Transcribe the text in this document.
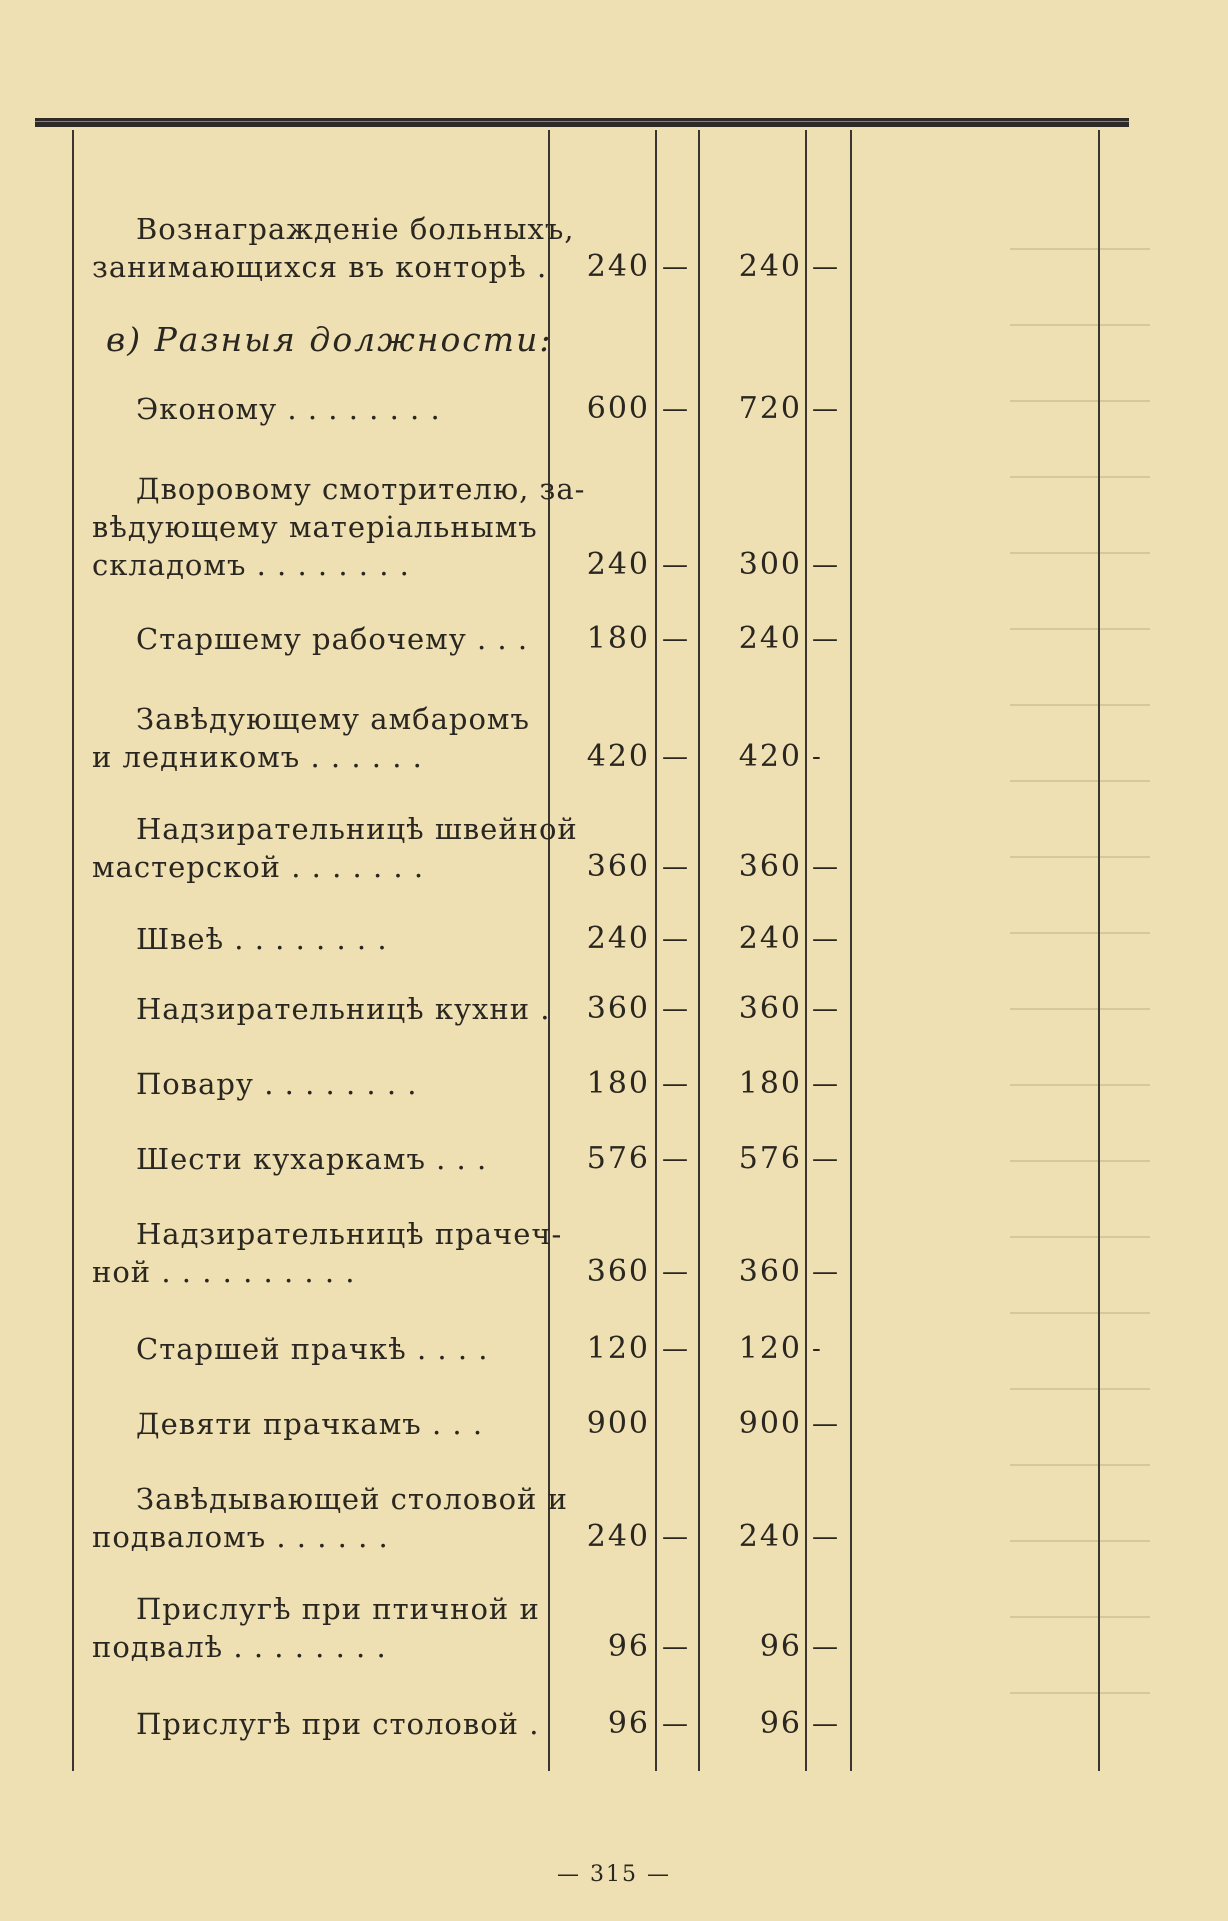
в) Разныя должности:
Вознагражденіе больныхъ,
занимающихся въ конторѣ .	240 —	240 —
Эконому . . . . . . . .	600 —	720 —
Дворовому смотрителю, за-
вѣдующему матеріальнымъ
складомъ . . . . . . . .	240 —	300 —
Старшему рабочему . . .	180 —	240 —
Завѣдующему амбаромъ
и ледникомъ . . . . . .	420 —	420 -
Надзирательницѣ швейной
мастерской . . . . . . .	360 —	360 —
Швеѣ . . . . . . . .	240 —	240 —
Надзирательницѣ кухни .	360 —	360 —
Повару . . . . . . . .	180 —	180 —
Шести кухаркамъ . . .	576 —	576 —
Надзирательницѣ прачеч-
ной . . . . . . . . . .	360 —	360 —
Старшей прачкѣ . . . .	120 —	120 -
Девяти прачкамъ . . .	900	900 —
Завѣдывающей столовой и
подваломъ . . . . . .	240 —	240 —
Прислугѣ при птичной и
подвалѣ . . . . . . . .	96 —	96 —
Прислугѣ при столовой .	96 —	96 —
— 315 —
